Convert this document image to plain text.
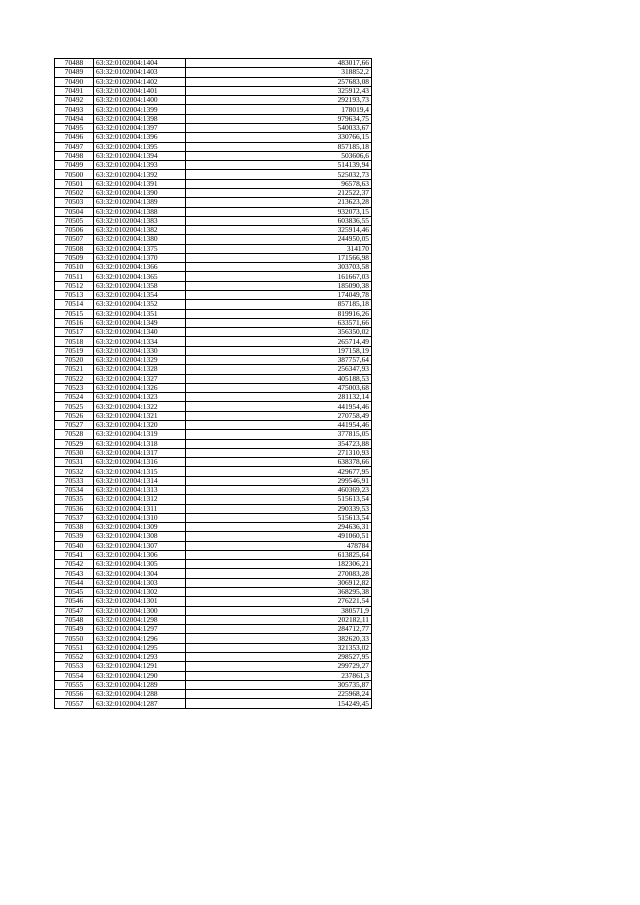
70488	63:32:0102004:1404	483017,66
70489	63:32:0102004:1403	318852,2
70490	63:32:0102004:1402	257683,08
70491	63:32:0102004:1401	325912,43
70492	63:32:0102004:1400	292193,73
70493	63:32:0102004:1399	178019,4
70494	63:32:0102004:1398	979634,75
70495	63:32:0102004:1397	540033,67
70496	63:32:0102004:1396	330766,15
70497	63:32:0102004:1395	857185,18
70498	63:32:0102004:1394	503606,6
70499	63:32:0102004:1393	514139,94
70500	63:32:0102004:1392	525032,73
70501	63:32:0102004:1391	96578,63
70502	63:32:0102004:1390	212522,37
70503	63:32:0102004:1389	213623,28
70504	63:32:0102004:1388	932073,15
70505	63:32:0102004:1383	603836,55
70506	63:32:0102004:1382	325914,46
70507	63:32:0102004:1380	244950,05
70508	63:32:0102004:1375	314170
70509	63:32:0102004:1370	171566,98
70510	63:32:0102004:1366	303703,58
70511	63:32:0102004:1365	161667,03
70512	63:32:0102004:1358	185090,38
70513	63:32:0102004:1354	174049,78
70514	63:32:0102004:1352	857185,18
70515	63:32:0102004:1351	819916,26
70516	63:32:0102004:1349	633571,66
70517	63:32:0102004:1340	356350,02
70518	63:32:0102004:1334	265714,49
70519	63:32:0102004:1330	197158,19
70520	63:32:0102004:1329	387757,64
70521	63:32:0102004:1328	256347,93
70522	63:32:0102004:1327	405188,53
70523	63:32:0102004:1326	475003,68
70524	63:32:0102004:1323	281132,14
70525	63:32:0102004:1322	441954,46
70526	63:32:0102004:1321	270758,49
70527	63:32:0102004:1320	441954,46
70528	63:32:0102004:1319	377815,05
70529	63:32:0102004:1318	354723,88
70530	63:32:0102004:1317	271310,93
70531	63:32:0102004:1316	638378,66
70532	63:32:0102004:1315	429677,95
70533	63:32:0102004:1314	299546,91
70534	63:32:0102004:1313	460369,23
70535	63:32:0102004:1312	515613,54
70536	63:32:0102004:1311	290339,53
70537	63:32:0102004:1310	515613,54
70538	63:32:0102004:1309	294636,31
70539	63:32:0102004:1308	491060,51
70540	63:32:0102004:1307	478784
70541	63:32:0102004:1306	613825,64
70542	63:32:0102004:1305	182306,21
70543	63:32:0102004:1304	270083,28
70544	63:32:0102004:1303	306912,82
70545	63:32:0102004:1302	368295,38
70546	63:32:0102004:1301	276221,54
70547	63:32:0102004:1300	380571,9
70548	63:32:0102004:1298	202182,11
70549	63:32:0102004:1297	284712,77
70550	63:32:0102004:1296	382620,33
70551	63:32:0102004:1295	321353,02
70552	63:32:0102004:1293	298527,95
70553	63:32:0102004:1291	299729,27
70554	63:32:0102004:1290	237861,3
70555	63:32:0102004:1289	305735,87
70556	63:32:0102004:1288	225968,24
70557	63:32:0102004:1287	154249,45
